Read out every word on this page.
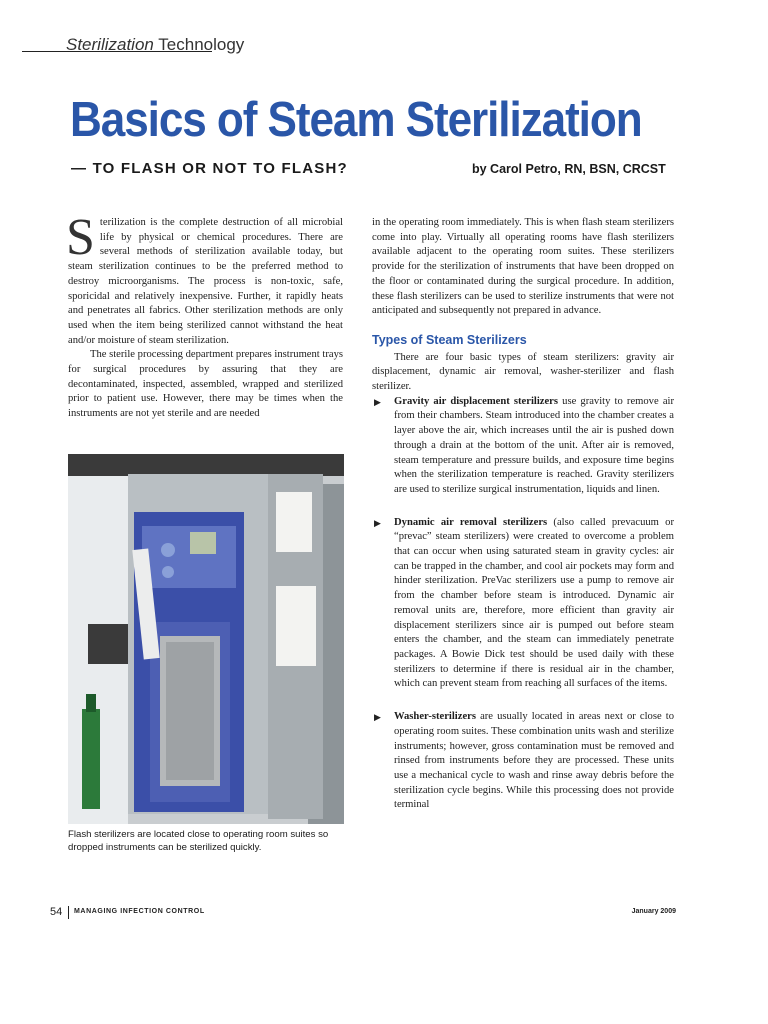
Sterilization Technology
Basics of Steam Sterilization
— TO FLASH OR NOT TO FLASH?	by Carol Petro, RN, BSN, CRCST

Sterilization is the complete destruction of all microbial life by physical or chemical procedures. There are several methods of sterilization available today, but steam sterilization continues to be the preferred method to destroy microorganisms. The process is non-toxic, safe, sporicidal and relatively inexpensive. Further, it rapidly heats and penetrates all fabrics. Other sterilization methods are only used when the item being sterilized cannot withstand the heat and/or moisture of steam sterilization.

The sterile processing department prepares instrument trays for surgical procedures by assuring that they are decontaminated, inspected, assembled, wrapped and sterilized prior to patient use. However, there may be times when the instruments are not yet sterile and are needed

Flash sterilizers are located close to operating room suites so dropped instruments can be sterilized quickly.

in the operating room immediately. This is when flash steam sterilizers come into play. Virtually all operating rooms have flash sterilizers available adjacent to the operating room suites. These sterilizers provide for the sterilization of instruments that have been dropped on the floor or contaminated during the surgical procedure. In addition, these flash sterilizers can be used to sterilize instruments that were not anticipated and subsequently not prepared in advance.

Types of Steam Sterilizers

There are four basic types of steam sterilizers: gravity air displacement, dynamic air removal, washer-sterilizer and flash sterilizer.

▶ Gravity air displacement sterilizers use gravity to remove air from their chambers. Steam introduced into the chamber creates a layer above the air, which increases until the air is pushed down through a drain at the bottom of the unit. After air is removed, steam temperature and pressure builds, and exposure time begins when the sterilization temperature is reached. Gravity sterilizers are used to sterilize surgical instrumentation, liquids and linen.

▶ Dynamic air removal sterilizers (also called prevacuum or “prevac” steam sterilizers) were created to overcome a problem that can occur when using saturated steam in gravity cycles: air can be trapped in the chamber, and cool air pockets may form and hinder sterilization. PreVac sterilizers use a pump to remove air from the chamber before steam is introduced. Dynamic air removal units are, therefore, more efficient than gravity air displacement sterilizers since air is pumped out before steam enters the chamber, and the steam can immediately penetrate packages. A Bowie Dick test should be used daily with these sterilizers to determine if there is residual air in the chamber, which can prevent steam from reaching all surfaces of the items.

▶ Washer-sterilizers are usually located in areas next or close to operating room suites. These combination units wash and sterilize instruments; however, gross contamination must be removed and rinsed from instruments before they are processed. These units use a mechanical cycle to wash and rinse away debris before the sterilization cycle begins. While this processing does not provide terminal

54 MANAGING INFECTION CONTROL	January 2009
